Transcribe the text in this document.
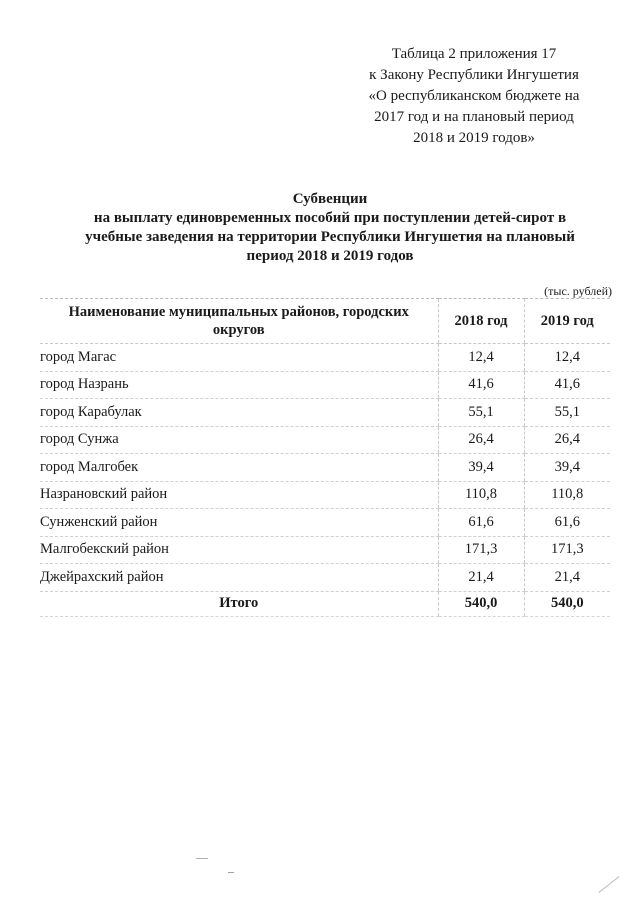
Таблица 2 приложения 17
к Закону Республики Ингушетия
«О республиканском бюджете на
2017 год и на плановый период
2018 и 2019 годов»
Субвенции
на выплату единовременных пособий при поступлении детей-сирот в
учебные заведения на территории Республики Ингушетия на плановый
период 2018 и 2019 годов
(тыс. рублей)
Наименование муниципальных районов, городских
округов	2018 год	2019 год
город Магас	12,4	12,4
город Назрань	41,6	41,6
город Карабулак	55,1	55,1
город Сунжа	26,4	26,4
город Малгобек	39,4	39,4
Назрановский район	110,8	110,8
Сунженский район	61,6	61,6
Малгобекский район	171,3	171,3
Джейрахский район	21,4	21,4
Итого	540,0	540,0
